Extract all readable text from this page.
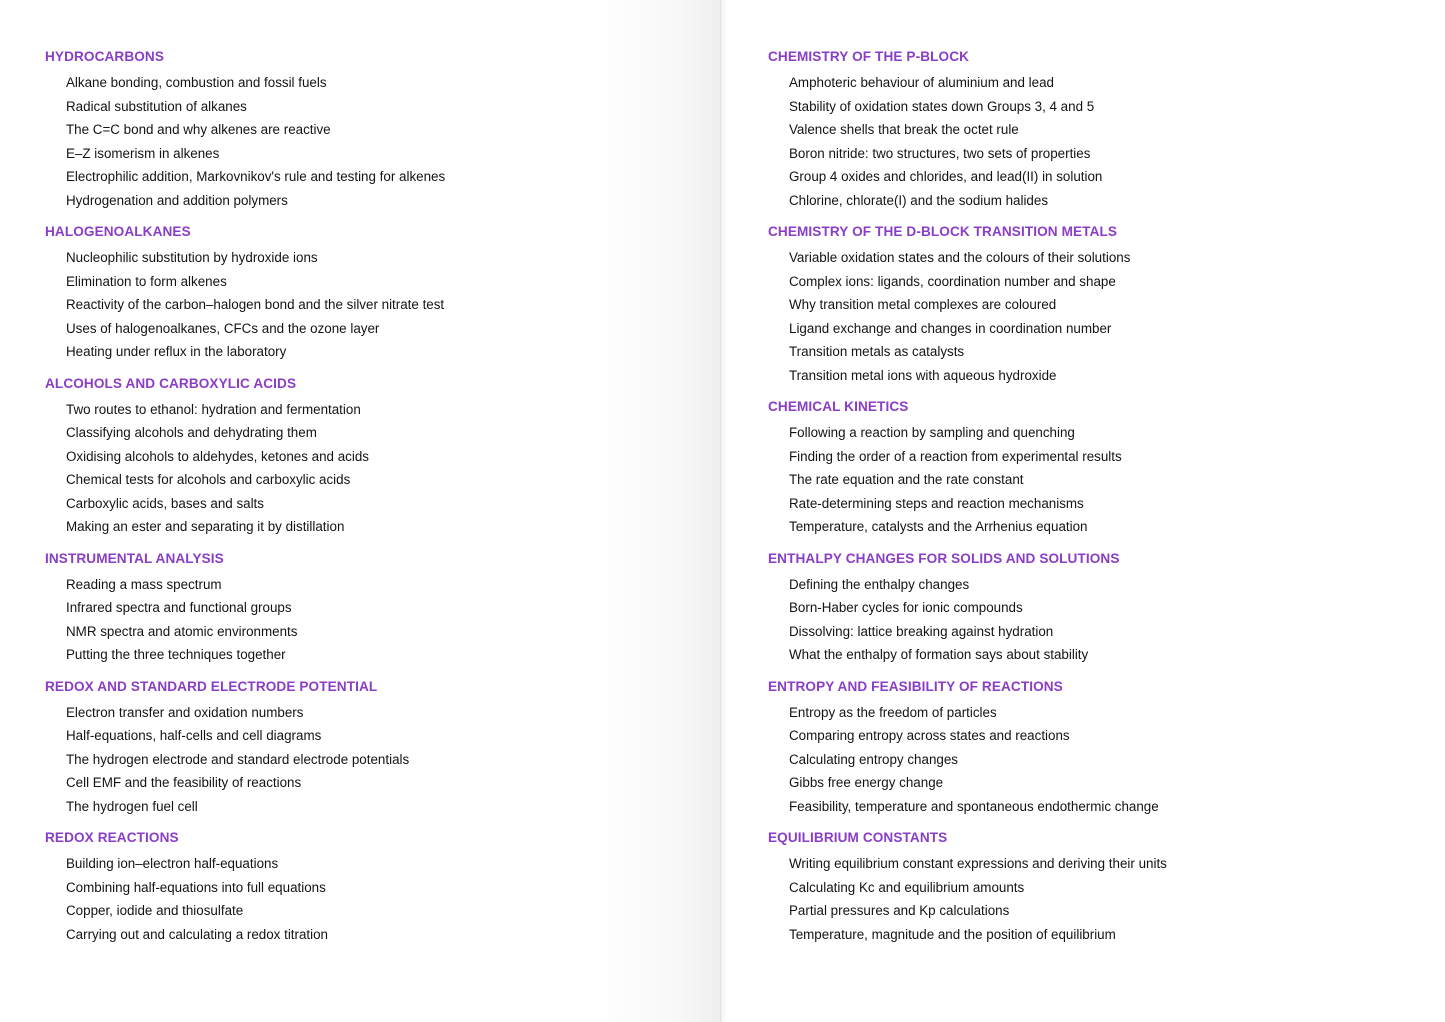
HYDROCARBONS
Alkane bonding, combustion and fossil fuels
Radical substitution of alkanes
The C=C bond and why alkenes are reactive
E–Z isomerism in alkenes
Electrophilic addition, Markovnikov's rule and testing for alkenes
Hydrogenation and addition polymers
HALOGENOALKANES
Nucleophilic substitution by hydroxide ions
Elimination to form alkenes
Reactivity of the carbon–halogen bond and the silver nitrate test
Uses of halogenoalkanes, CFCs and the ozone layer
Heating under reflux in the laboratory
ALCOHOLS AND CARBOXYLIC ACIDS
Two routes to ethanol: hydration and fermentation
Classifying alcohols and dehydrating them
Oxidising alcohols to aldehydes, ketones and acids
Chemical tests for alcohols and carboxylic acids
Carboxylic acids, bases and salts
Making an ester and separating it by distillation
INSTRUMENTAL ANALYSIS
Reading a mass spectrum
Infrared spectra and functional groups
NMR spectra and atomic environments
Putting the three techniques together
REDOX AND STANDARD ELECTRODE POTENTIAL
Electron transfer and oxidation numbers
Half-equations, half-cells and cell diagrams
The hydrogen electrode and standard electrode potentials
Cell EMF and the feasibility of reactions
The hydrogen fuel cell
REDOX REACTIONS
Building ion–electron half-equations
Combining half-equations into full equations
Copper, iodide and thiosulfate
Carrying out and calculating a redox titration
CHEMISTRY OF THE P-BLOCK
Amphoteric behaviour of aluminium and lead
Stability of oxidation states down Groups 3, 4 and 5
Valence shells that break the octet rule
Boron nitride: two structures, two sets of properties
Group 4 oxides and chlorides, and lead(II) in solution
Chlorine, chlorate(I) and the sodium halides
CHEMISTRY OF THE D-BLOCK TRANSITION METALS
Variable oxidation states and the colours of their solutions
Complex ions: ligands, coordination number and shape
Why transition metal complexes are coloured
Ligand exchange and changes in coordination number
Transition metals as catalysts
Transition metal ions with aqueous hydroxide
CHEMICAL KINETICS
Following a reaction by sampling and quenching
Finding the order of a reaction from experimental results
The rate equation and the rate constant
Rate-determining steps and reaction mechanisms
Temperature, catalysts and the Arrhenius equation
ENTHALPY CHANGES FOR SOLIDS AND SOLUTIONS
Defining the enthalpy changes
Born-Haber cycles for ionic compounds
Dissolving: lattice breaking against hydration
What the enthalpy of formation says about stability
ENTROPY AND FEASIBILITY OF REACTIONS
Entropy as the freedom of particles
Comparing entropy across states and reactions
Calculating entropy changes
Gibbs free energy change
Feasibility, temperature and spontaneous endothermic change
EQUILIBRIUM CONSTANTS
Writing equilibrium constant expressions and deriving their units
Calculating Kc and equilibrium amounts
Partial pressures and Kp calculations
Temperature, magnitude and the position of equilibrium
